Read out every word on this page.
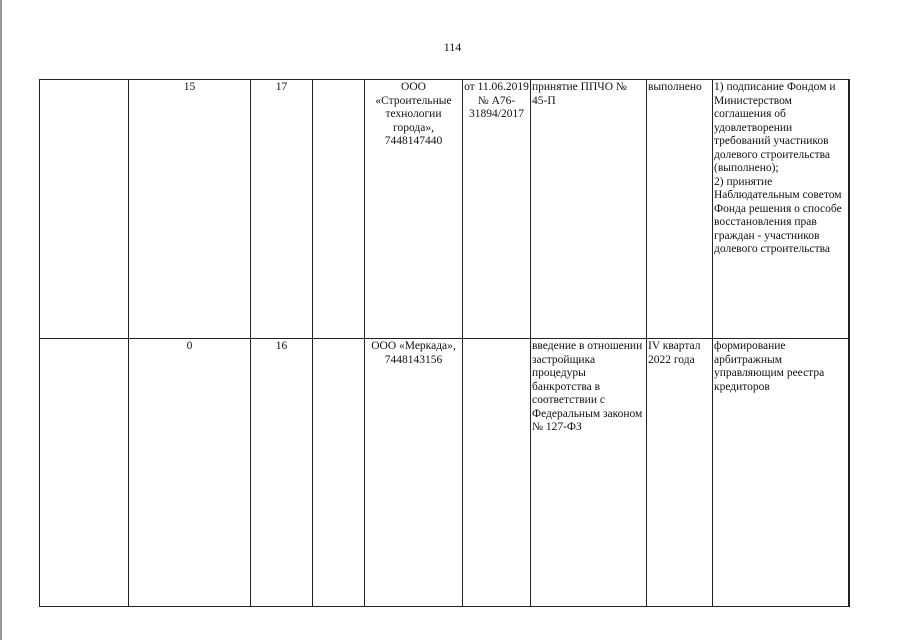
114
	15	17		ООО «Строительные технологии города», 7448147440	от 11.06.2019 № А76-31894/2017	принятие ППЧО № 45-П	выполнено	1) подписание Фондом и Министерством соглашения об удовлетворении требований участников долевого строительства (выполнено);
2) принятие Наблюдательным советом Фонда решения о способе восстановления прав граждан - участников долевого строительства	

	0	16		ООО «Меркада», 7448143156		введение в отношении застройщика процедуры банкротства в соответствии с Федеральным законом № 127-ФЗ	IV квартал 2022 года	формирование арбитражным управляющим реестра кредиторов	
